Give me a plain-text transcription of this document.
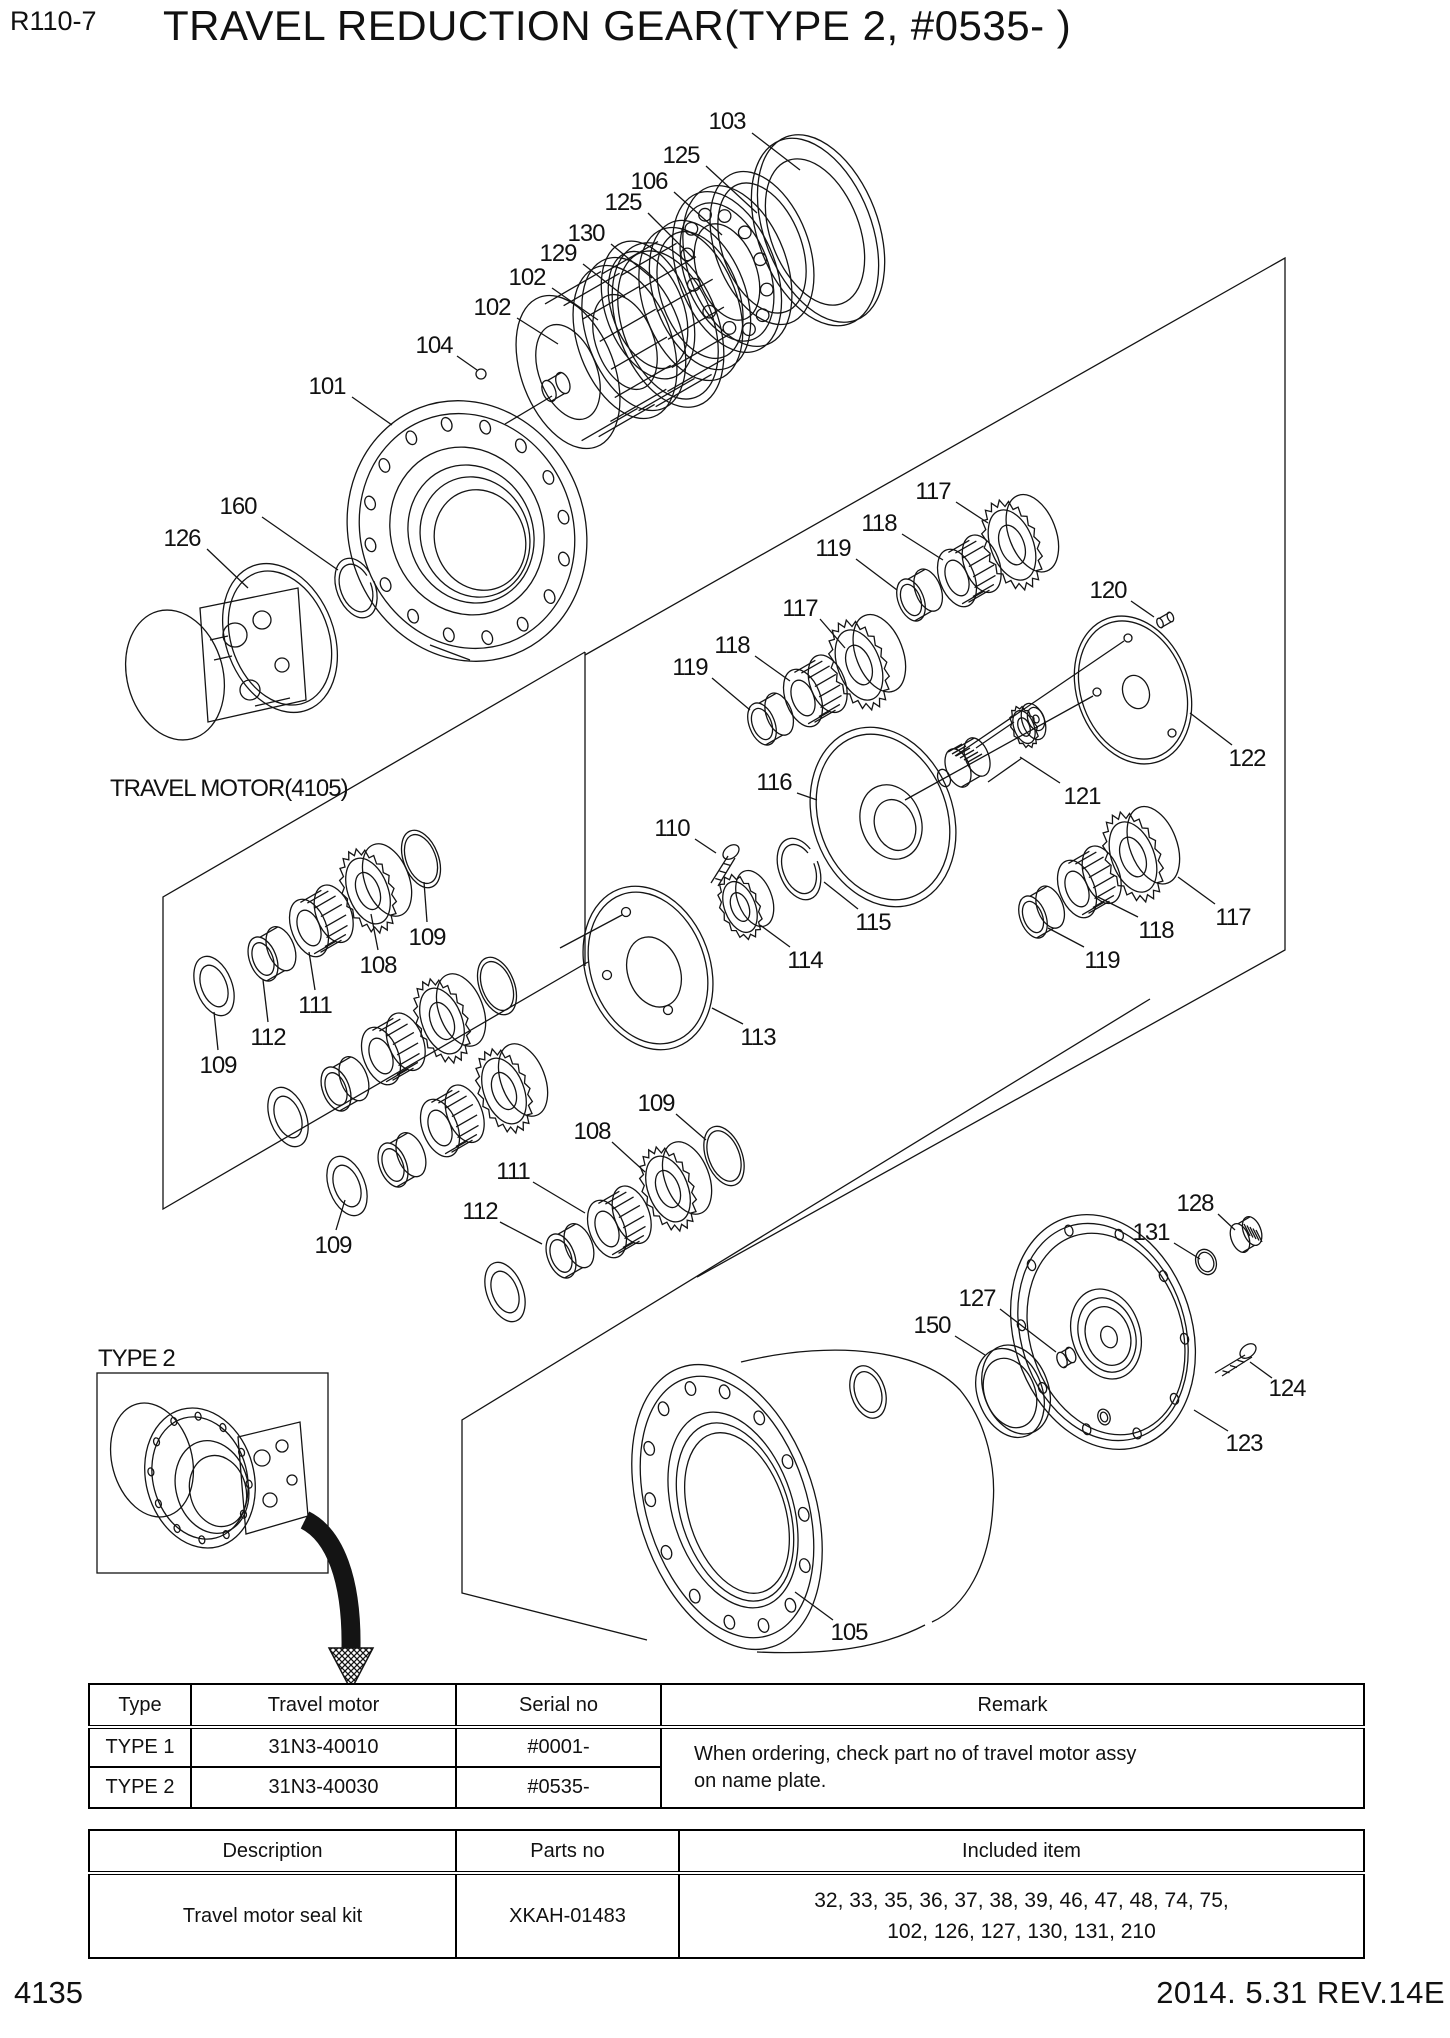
R110-7 TRAVEL REDUCTION GEAR(TYPE 2, #0535- )
TRAVEL MOTOR(4105)
TYPE 2
103
125
106
125
130
129
102
102
104
101
160
126
117
118
119
117
118
119
120
122
121
116
115
114
110
113
117
118
119
109
108
111
112
109
109
108
111
112
109
128
131
127
150
124
123
105
Type	Travel motor	Serial no	Remark
TYPE 1	31N3-40010	#0001-	When ordering, check part no of travel motor assy
on name plate.
TYPE 2	31N3-40030	#0535-	
Description	Parts no	Included item
Travel motor seal kit	XKAH-01483	32, 33, 35, 36, 37, 38, 39, 46, 47, 48, 74, 75,
102, 126, 127, 130, 131, 210
4135	2014. 5.31 REV.14E
